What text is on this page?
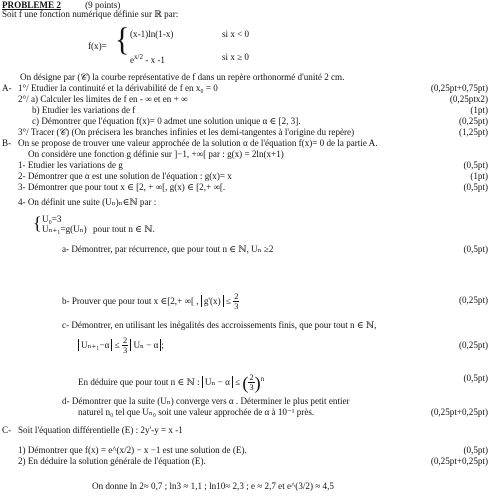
PROBLEME 2	(9 points)
Soit f une fonction numérique définie sur ℝ par:
f(x)= { (x-1)ln(1-x)	si x < 0
$e^{x/2}$ - x -1	si x ≥ 0
On désigne par (𝒞) la courbe représentative de f dans un repère orthonormé d'unité 2 cm.
A- 1°/ Etudier la continuité et la dérivabilité de f en x₀ = 0	(0,25pt+0,75pt)
2°/ a) Calculer les limites de f en - ∞ et en + ∞	(0,25ptx2)
b) Etudier les variations de f	(1pt)
c) Démontrer que l'équation f(x)= 0 admet une solution unique α ∈ [2, 3].	(0,25pt)
3°/ Tracer (𝒞) (On précisera les branches infinies et les demi-tangentes à l'origine du repère)	(1,25pt)
B- On se propose de trouver une valeur approchée de la solution α de l'équation f(x)= 0 de la partie A.
On considère une fonction g définie sur ]−1, +∞[ par : g(x) = 2ln(x+1)
1- Etudier les variations de g	(0,5pt)
2- Démontrer que α est une solution de l'équation : g(x)= x	(1pt)
3- Démontrer que pour tout x ∈ [2, + ∞[, g(x) ∈ [2,+ ∞[.	(0,5pt)
4- On définit une suite (Uₙ)ₙ∈ℕ par :
{ U₀=3
Uₙ₊₁=g(Uₙ) pour tout n ∈ ℕ.
a- Démontrer, par récurrence, que pour tout n ∈ ℕ, Uₙ ≥2	(0,5pt)
b- Prouver que pour tout x ∈[2,+ ∞[ , $g'(x) \le \frac{2}{3}$	(0,25pt)
c- Démontrer, en utilisant les inégalités des accroissements finis, que pour tout n ∈ ℕ,
$U_{n+1}-\alpha \le \frac{2}{3}$ Uₙ − α ;	(0,25pt)
En déduire que pour tout n ∈ ℕ : Uₙ − α ≤ ( $\frac{2}{3} )^n$	(0,5pt)
d- Démontrer que la suite (Uₙ) converge vers α . Déterminer le plus petit entier
naturel n₀ tel que Uₙ₀ soit une valeur approchée de α à 10⁻¹ près.	(0,25pt+0,25pt)
C- Soit l'équation différentielle (E) : 2y'-y = x -1
1) Démontrer que f(x) = e^(x/2) − x −1 est une solution de (E).	(0,5pt)
2) En déduire la solution générale de l'équation (E).	(0,25pt+0,25pt)
On donne ln 2≈ 0,7 ; ln3 ≈ 1,1 ; ln10≈ 2,3 ; e ≈ 2,7 et e^(3/2) ≈ 4,5
